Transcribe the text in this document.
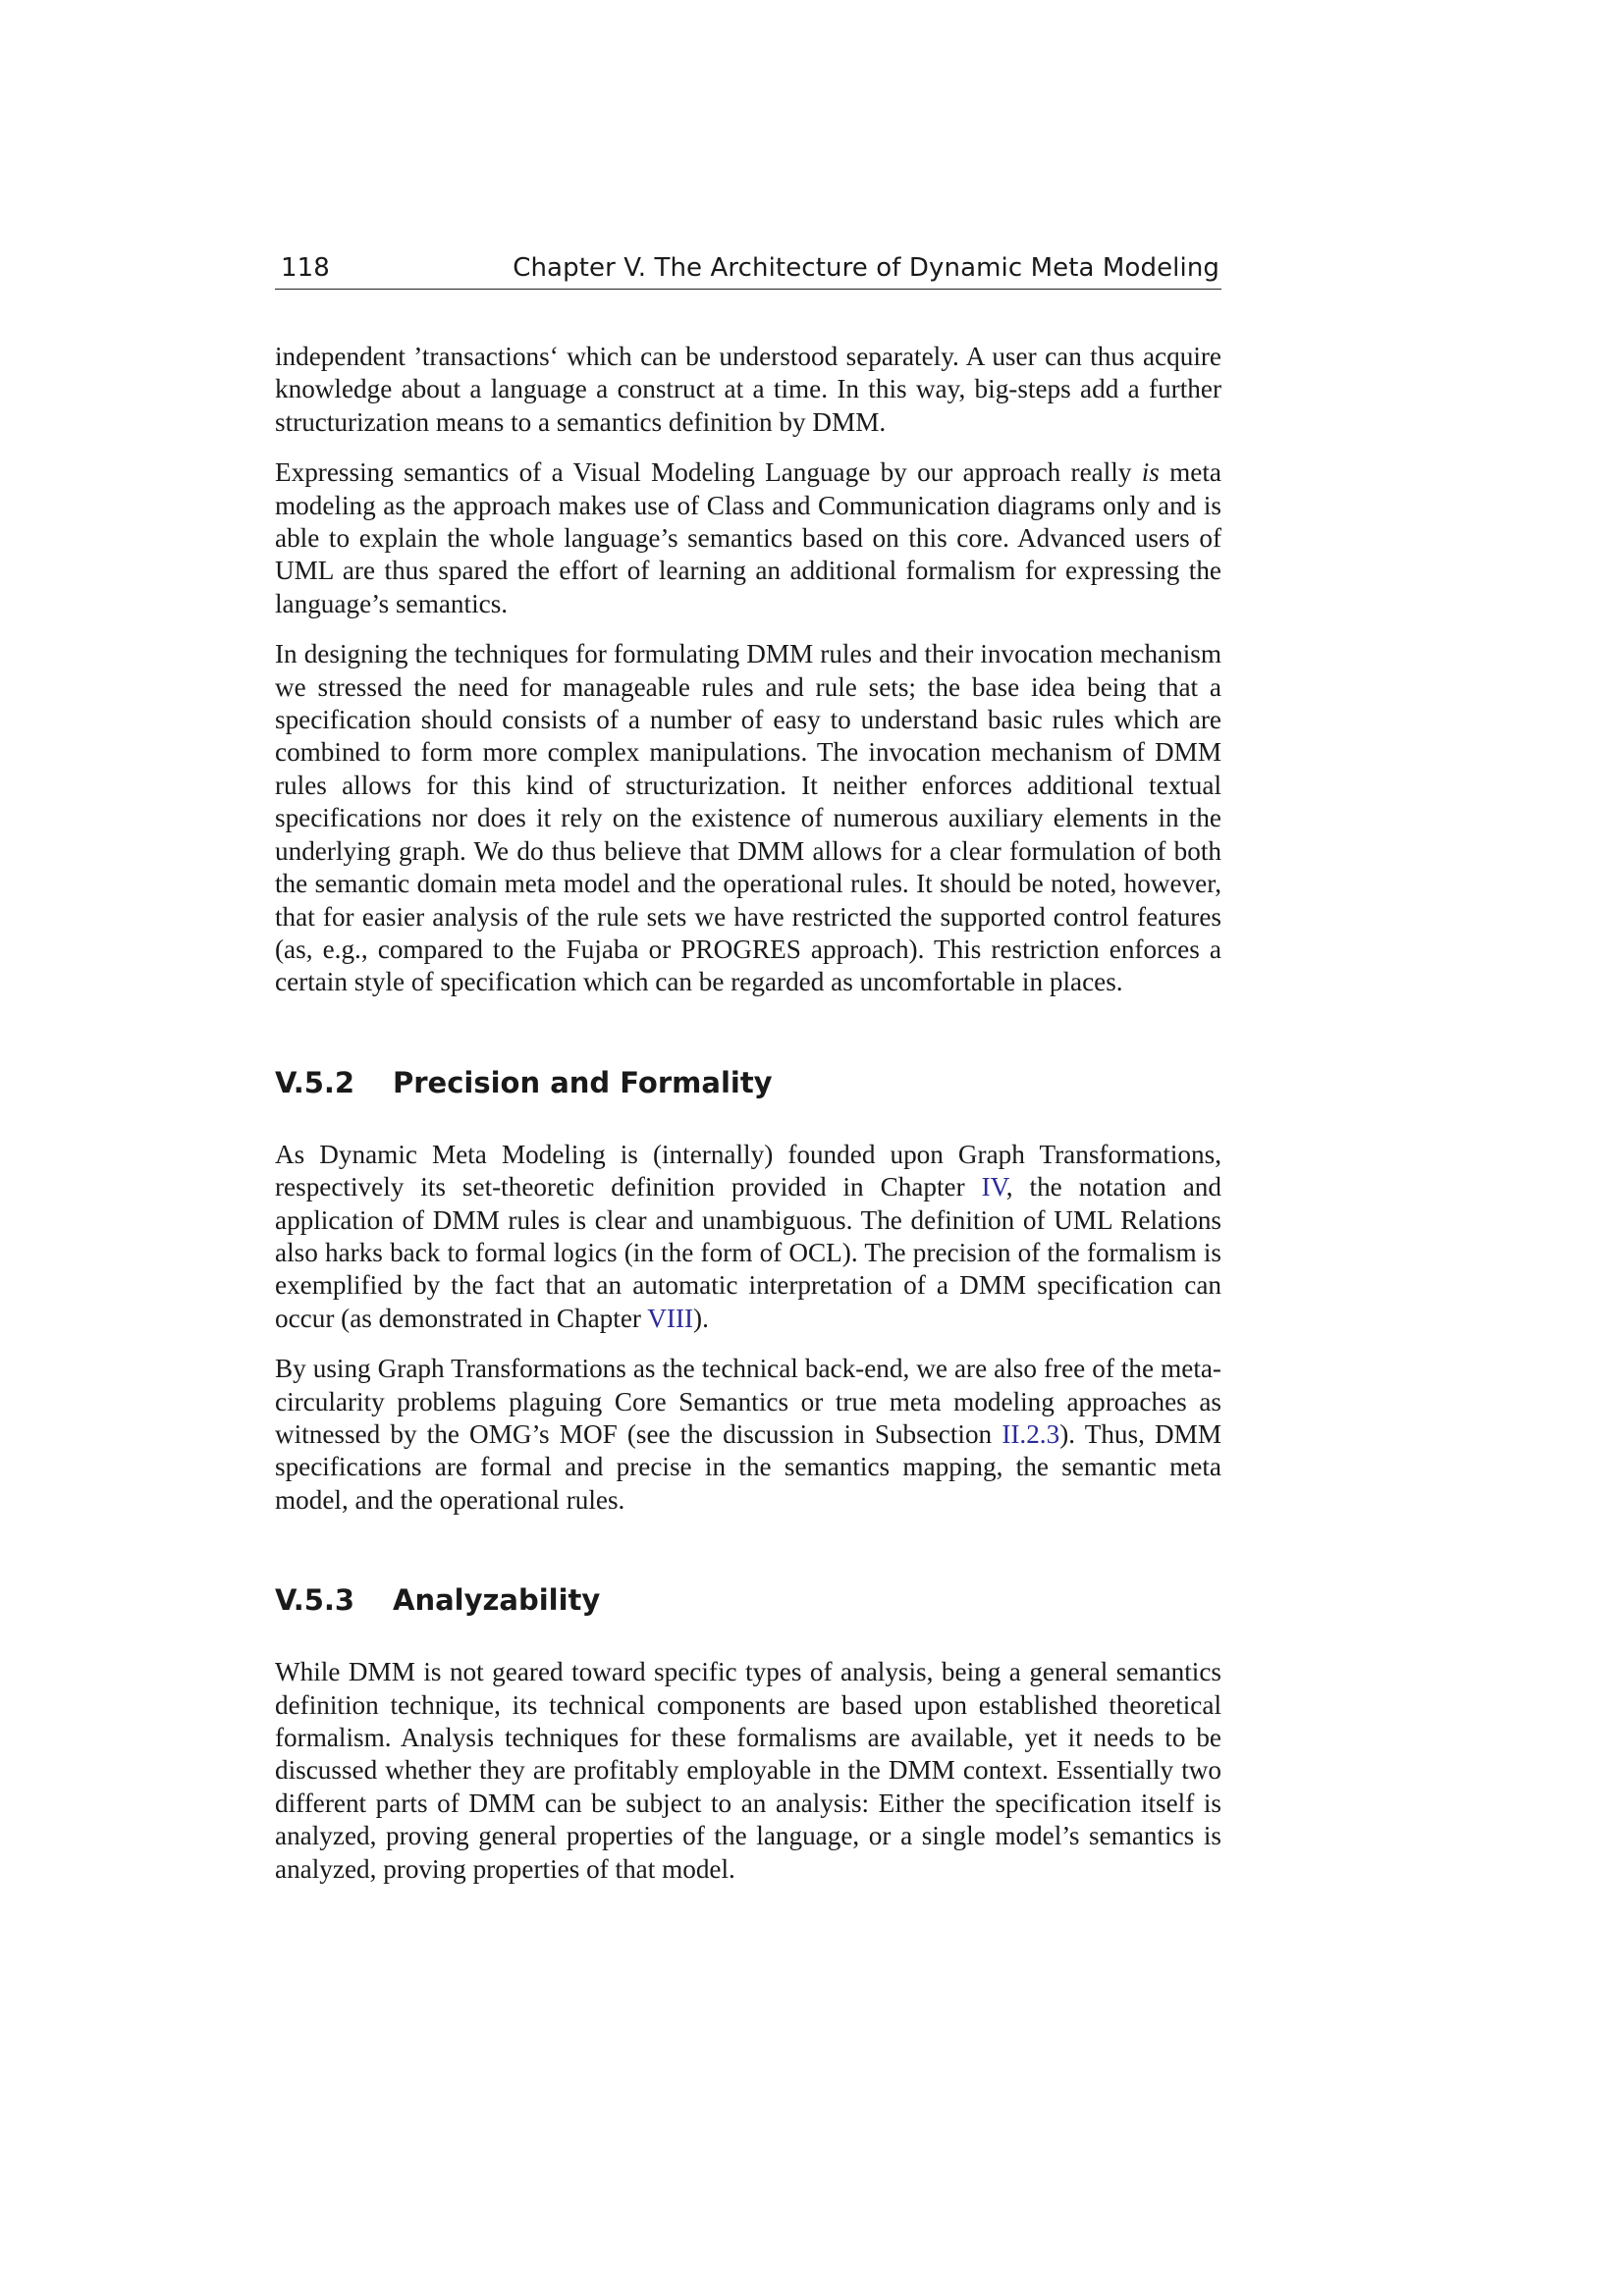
118	Chapter V. The Architecture of Dynamic Meta Modeling

independent ’transactions‘ which can be understood separately. A user can thus acquire knowledge about a language a construct at a time. In this way, big-steps add a further structurization means to a semantics definition by DMM.

Expressing semantics of a Visual Modeling Language by our approach really is meta modeling as the approach makes use of Class and Communication diagrams only and is able to explain the whole language’s semantics based on this core. Advanced users of UML are thus spared the effort of learning an additional formalism for expressing the language’s semantics.

In designing the techniques for formulating DMM rules and their invocation mechanism we stressed the need for manageable rules and rule sets; the base idea being that a specification should consists of a number of easy to understand basic rules which are combined to form more complex manipulations. The invocation mechanism of DMM rules allows for this kind of structurization. It neither enforces additional textual specifications nor does it rely on the existence of numerous auxiliary elements in the underlying graph. We do thus believe that DMM allows for a clear formulation of both the semantic domain meta model and the operational rules. It should be noted, however, that for easier analysis of the rule sets we have restricted the supported control features (as, e.g., compared to the Fujaba or PROGRES approach). This restriction enforces a certain style of specification which can be regarded as uncomfortable in places.

V.5.2	Precision and Formality

As Dynamic Meta Modeling is (internally) founded upon Graph Transformations, respectively its set-theoretic definition provided in Chapter IV, the notation and application of DMM rules is clear and unambiguous. The definition of UML Relations also harks back to formal logics (in the form of OCL). The precision of the formalism is exemplified by the fact that an automatic interpretation of a DMM specification can occur (as demonstrated in Chapter VIII).

By using Graph Transformations as the technical back-end, we are also free of the meta-circularity problems plaguing Core Semantics or true meta modeling approaches as witnessed by the OMG’s MOF (see the discussion in Subsection II.2.3). Thus, DMM specifications are formal and precise in the semantics mapping, the semantic meta model, and the operational rules.

V.5.3	Analyzability

While DMM is not geared toward specific types of analysis, being a general semantics definition technique, its technical components are based upon established theoretical formalism. Analysis techniques for these formalisms are available, yet it needs to be discussed whether they are profitably employable in the DMM context. Essentially two different parts of DMM can be subject to an analysis: Either the specification itself is analyzed, proving general properties of the language, or a single model’s semantics is analyzed, proving properties of that model.
